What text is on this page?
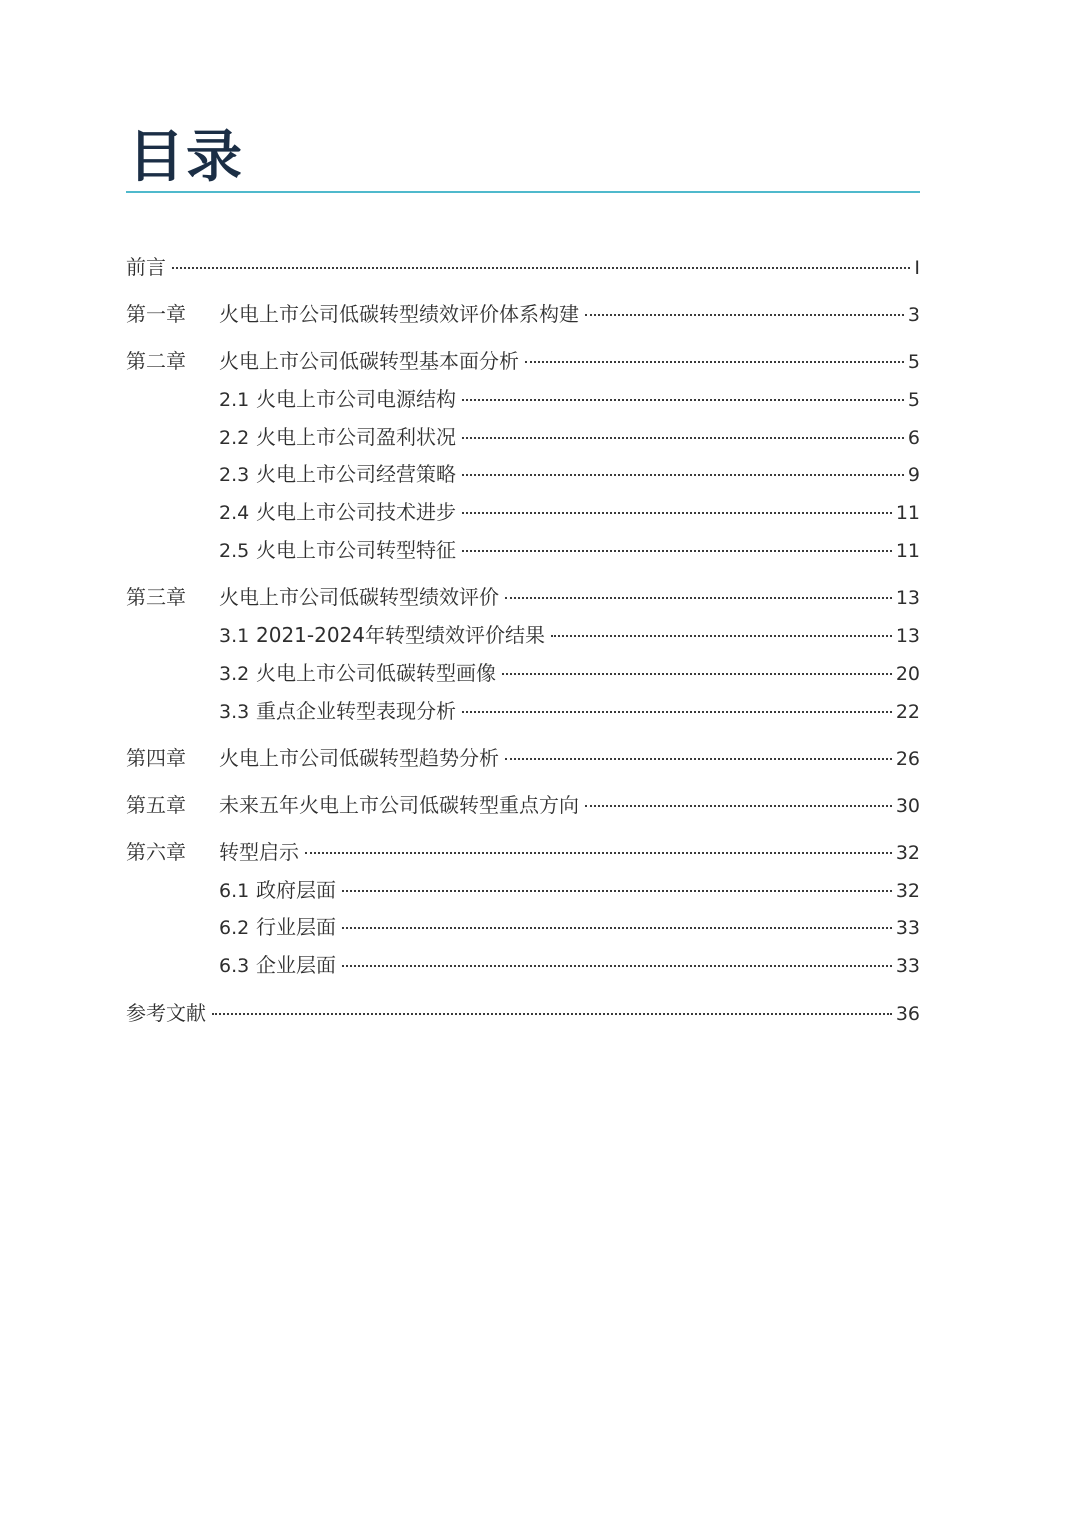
目录
前言	I
第一章	火电上市公司低碳转型绩效评价体系构建	3
第二章	火电上市公司低碳转型基本面分析	5
2.1 火电上市公司电源结构	5
2.2 火电上市公司盈利状况	6
2.3 火电上市公司经营策略	9
2.4 火电上市公司技术进步	11
2.5 火电上市公司转型特征	11
第三章	火电上市公司低碳转型绩效评价	13
3.1 2021-2024年转型绩效评价结果	13
3.2 火电上市公司低碳转型画像	20
3.3 重点企业转型表现分析	22
第四章	火电上市公司低碳转型趋势分析	26
第五章	未来五年火电上市公司低碳转型重点方向	30
第六章	转型启示	32
6.1 政府层面	32
6.2 行业层面	33
6.3 企业层面	33
参考文献	36
